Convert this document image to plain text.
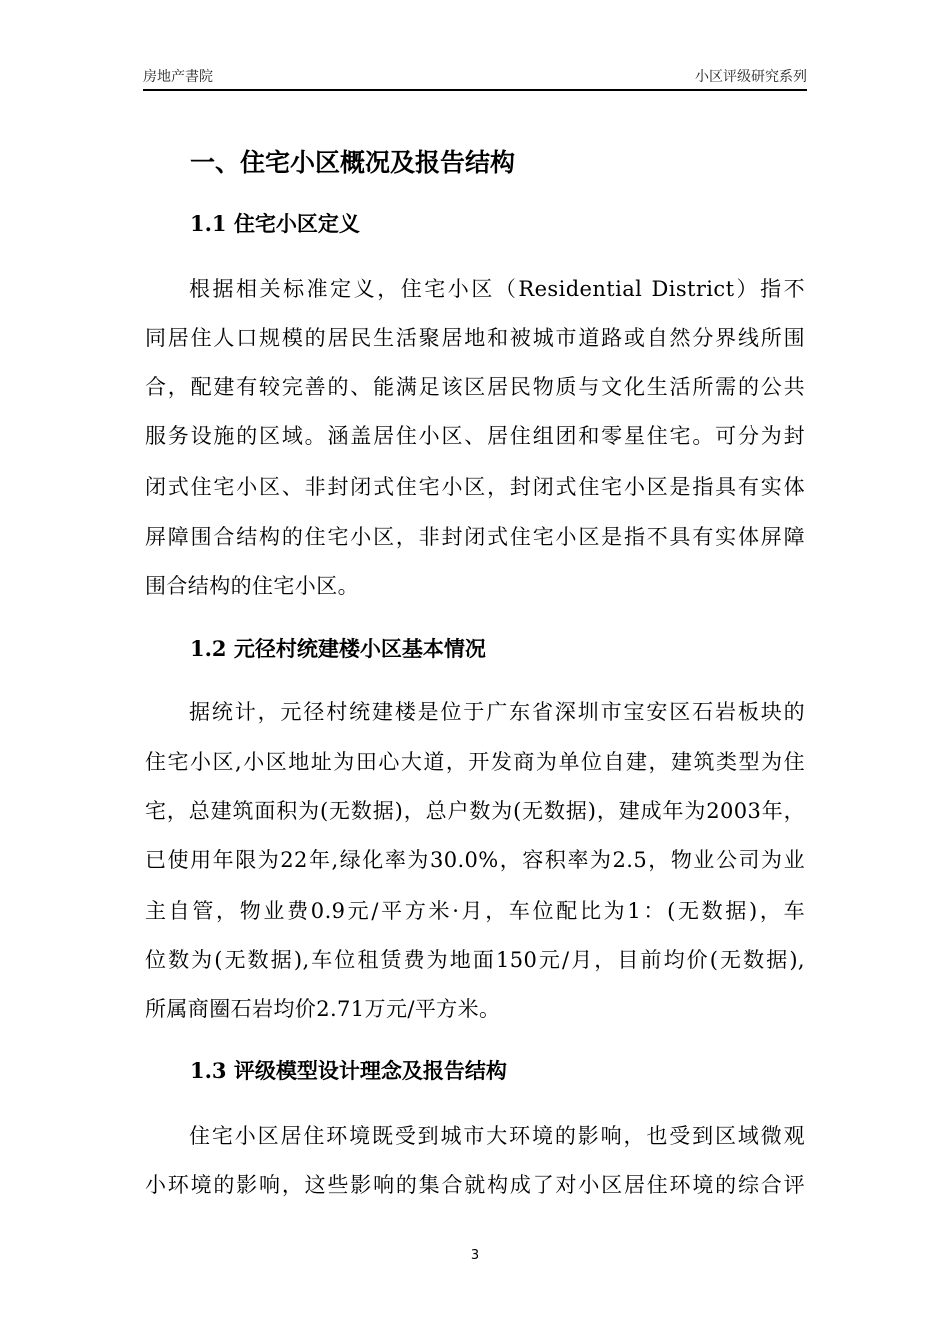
房地产書院	小区评级研究系列
一、住宅小区概况及报告结构
1.1 住宅小区定义
根据相关标准定义，住宅小区（Residential District）指不
同居住人口规模的居民生活聚居地和被城市道路或自然分界线所围
合，配建有较完善的、能满足该区居民物质与文化生活所需的公共
服务设施的区域。涵盖居住小区、居住组团和零星住宅。可分为封
闭式住宅小区、非封闭式住宅小区，封闭式住宅小区是指具有实体
屏障围合结构的住宅小区，非封闭式住宅小区是指不具有实体屏障
围合结构的住宅小区。
1.2 元径村统建楼小区基本情况
据统计，元径村统建楼是位于广东省深圳市宝安区石岩板块的
住宅小区,小区地址为田心大道，开发商为单位自建，建筑类型为住
宅，总建筑面积为(无数据)，总户数为(无数据)，建成年为2003年，
已使用年限为22年,绿化率为30.0%，容积率为2.5，物业公司为业
主自管，物业费0.9元/平方米·月，车位配比为1：(无数据)，车
位数为(无数据),车位租赁费为地面150元/月，目前均价(无数据),
所属商圈石岩均价2.71万元/平方米。
1.3 评级模型设计理念及报告结构
住宅小区居住环境既受到城市大环境的影响，也受到区域微观
小环境的影响，这些影响的集合就构成了对小区居住环境的综合评
3
